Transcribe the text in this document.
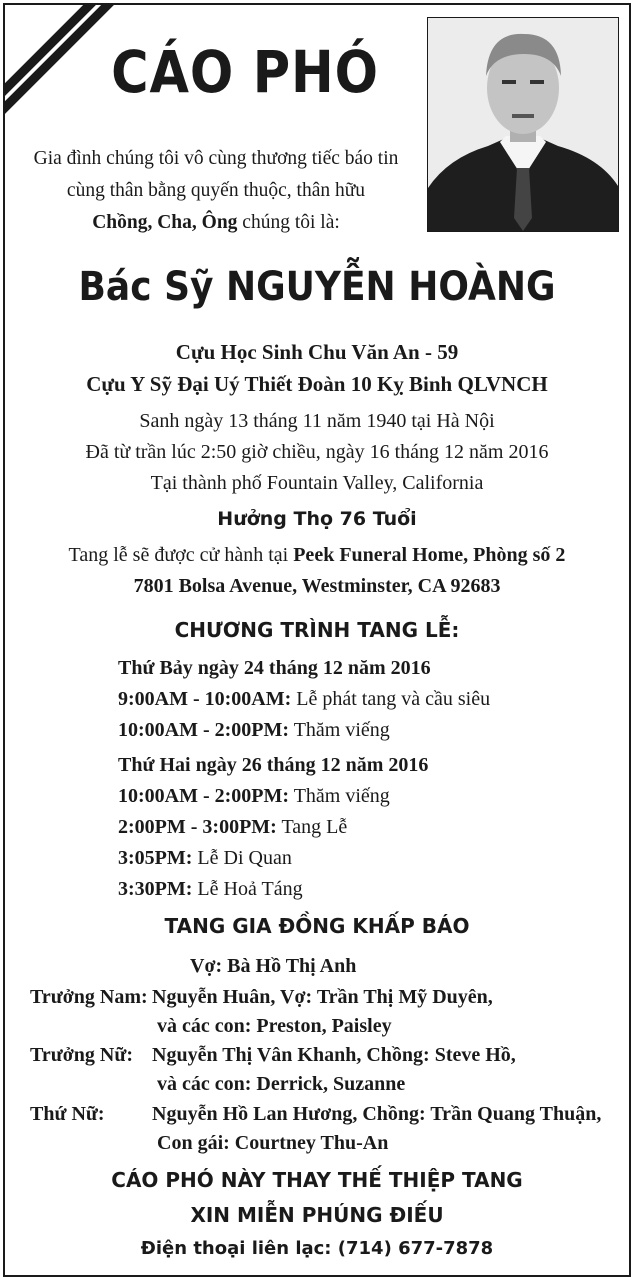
CÁO PHÓ
Gia đình chúng tôi vô cùng thương tiếc báo tin
cùng thân bằng quyến thuộc, thân hữu
Chồng, Cha, Ông chúng tôi là:
Bác Sỹ NGUYỄN HOÀNG
Cựu Học Sinh Chu Văn An - 59
Cựu Y Sỹ Đại Uý Thiết Đoàn 10 Kỵ Binh QLVNCH
Sanh ngày 13 tháng 11 năm 1940 tại Hà Nội
Đã từ trần lúc 2:50 giờ chiều, ngày 16 tháng 12 năm 2016
Tại thành phố Fountain Valley, California
Hưởng Thọ 76 Tuổi
Tang lễ sẽ được cử hành tại Peek Funeral Home, Phòng số 2
7801 Bolsa Avenue, Westminster, CA 92683
CHƯƠNG TRÌNH TANG LỄ:
Thứ Bảy ngày 24 tháng 12 năm 2016
9:00AM - 10:00AM: Lễ phát tang và cầu siêu
10:00AM - 2:00PM: Thăm viếng
Thứ Hai ngày 26 tháng 12 năm 2016
10:00AM - 2:00PM: Thăm viếng
2:00PM - 3:00PM: Tang Lễ
3:05PM: Lễ Di Quan
3:30PM: Lễ Hoả Táng
TANG GIA ĐỒNG KHẤP BÁO
Vợ: Bà Hồ Thị Anh
Trưởng Nam: Nguyễn Huân, Vợ: Trần Thị Mỹ Duyên,
và các con: Preston, Paisley
Trưởng Nữ: Nguyễn Thị Vân Khanh, Chồng: Steve Hồ,
và các con: Derrick, Suzanne
Thứ Nữ: Nguyễn Hồ Lan Hương, Chồng: Trần Quang Thuận,
Con gái: Courtney Thu-An
CÁO PHÓ NÀY THAY THẾ THIỆP TANG
XIN MIỄN PHÚNG ĐIẾU
Điện thoại liên lạc: (714) 677-7878
